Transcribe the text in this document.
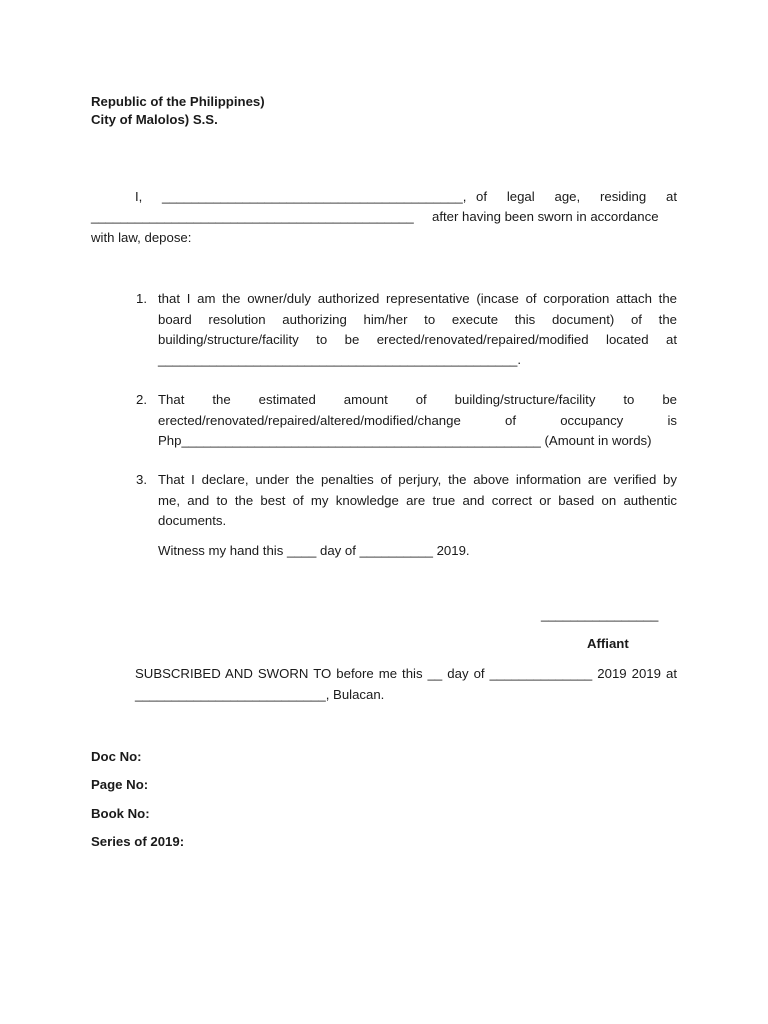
Republic of the Philippines)
City of Malolos) S.S.
I, _________________________________________, of legal age, residing at
____________________________________________ after having been sworn in accordance
with law, depose:
1. that I am the owner/duly authorized representative (incase of corporation attach the
board resolution authorizing him/her to execute this document) of the
building/structure/facility to be erected/renovated/repaired/modified located at
_________________________________________________.
2. That the estimated amount of building/structure/facility to be
erected/renovated/repaired/altered/modified/change of occupancy is
Php_________________________________________________ (Amount in words)
3. That I declare, under the penalties of perjury, the above information are verified by
me, and to the best of my knowledge are true and correct or based on authentic
documents.
Witness my hand this ____ day of __________ 2019.
________________
Affiant
SUBSCRIBED AND SWORN TO before me this __ day of ______________ 2019 2019 at
__________________________, Bulacan.
Doc No:
Page No:
Book No:
Series of 2019:
